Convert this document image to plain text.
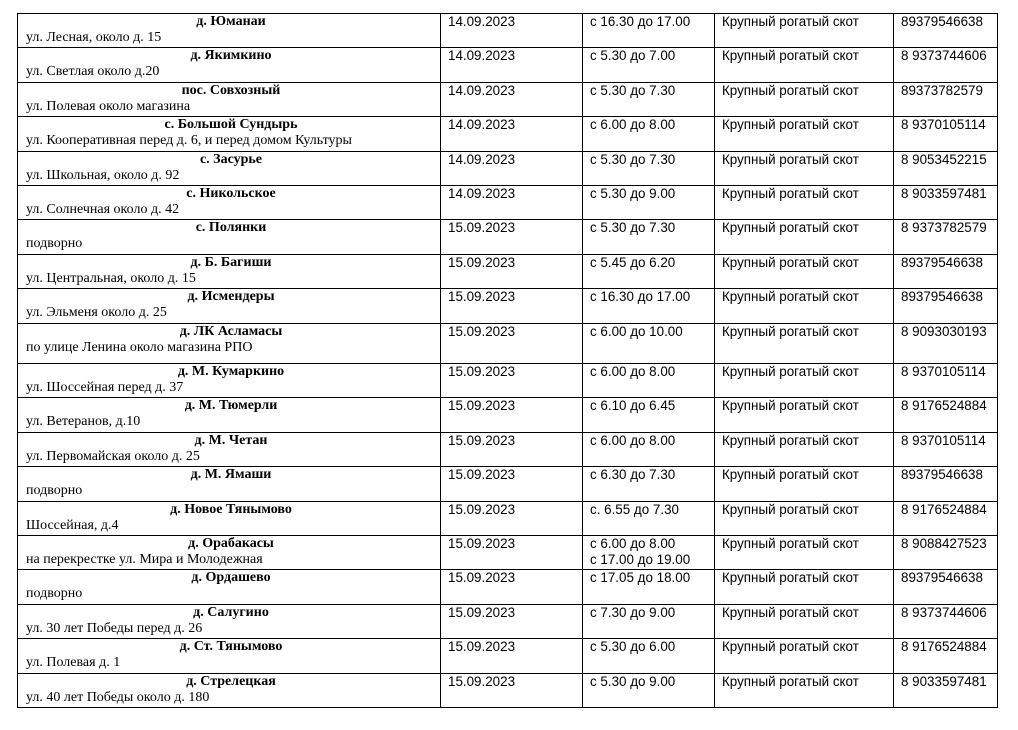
д. Юманаи
ул. Лесная, около д. 15	14.09.2023	с 16.30 до 17.00	Крупный рогатый скот	89379546638

д. Якимкино
ул. Светлая около д.20	14.09.2023	с 5.30 до 7.00	Крупный рогатый скот	8 9373744606

пос. Совхозный
ул. Полевая около магазина	14.09.2023	с 5.30 до 7.30	Крупный рогатый скот	89373782579

с. Большой Сундырь
ул. Кооперативная перед д. 6, и перед домом Культуры	14.09.2023	с 6.00 до 8.00	Крупный рогатый скот	8 9370105114

с. Засурье
ул. Школьная, около д. 92	14.09.2023	с 5.30 до 7.30	Крупный рогатый скот	8 9053452215

с. Никольское
ул. Солнечная около д. 42	14.09.2023	с 5.30 до 9.00	Крупный рогатый скот	8 9033597481

с. Полянки
подворно	15.09.2023	с 5.30 до 7.30	Крупный рогатый скот	8 9373782579

д. Б. Багиши
ул. Центральная, около д. 15	15.09.2023	с 5.45 до 6.20	Крупный рогатый скот	89379546638

д. Исмендеры
ул. Эльменя около д. 25	15.09.2023	с 16.30 до 17.00	Крупный рогатый скот	89379546638

д. ЛК Асламасы
по улице Ленина около магазина РПО	15.09.2023	с 6.00 до 10.00	Крупный рогатый скот	8 9093030193

д. М. Кумаркино
ул. Шоссейная перед д. 37	15.09.2023	с 6.00 до 8.00	Крупный рогатый скот	8 9370105114

д. М. Тюмерли
ул. Ветеранов, д.10	15.09.2023	с 6.10 до 6.45	Крупный рогатый скот	8 9176524884

д. М. Четан
ул. Первомайская около д. 25	15.09.2023	с 6.00 до 8.00	Крупный рогатый скот	8 9370105114

д. М. Ямаши
подворно	15.09.2023	с 6.30 до 7.30	Крупный рогатый скот	89379546638

д. Новое Тянымово
Шоссейная, д.4	15.09.2023	с. 6.55 до 7.30	Крупный рогатый скот	8 9176524884

д. Орабакасы
на перекрестке ул. Мира и Молодежная	15.09.2023	с 6.00 до 8.00
с 17.00 до 19.00	Крупный рогатый скот	8 9088427523

д. Ордашево
подворно	15.09.2023	с 17.05 до 18.00	Крупный рогатый скот	89379546638

д. Салугино
ул. 30 лет Победы перед д. 26	15.09.2023	с 7.30 до 9.00	Крупный рогатый скот	8 9373744606

д. Ст. Тянымово
ул. Полевая д. 1	15.09.2023	с 5.30 до 6.00	Крупный рогатый скот	8 9176524884

д. Стрелецкая
ул. 40 лет Победы около д. 180	15.09.2023	с 5.30 до 9.00	Крупный рогатый скот	8 9033597481
